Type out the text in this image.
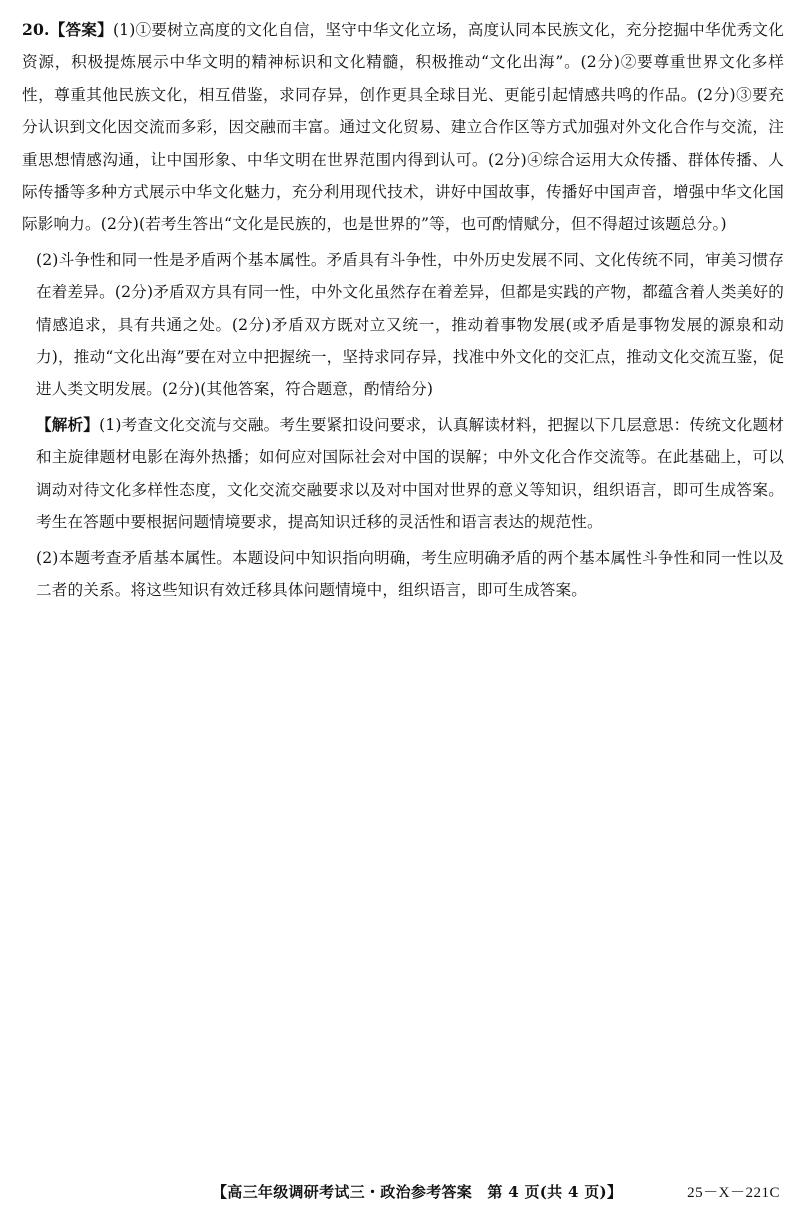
20.【答案】(1)①要树立高度的文化自信，坚守中华文化立场，高度认同本民族文化，充分挖掘中华优秀文化资源，积极提炼展示中华文明的精神标识和文化精髓，积极推动“文化出海”。(2分)②要尊重世界文化多样性，尊重其他民族文化，相互借鉴，求同存异，创作更具全球目光、更能引起情感共鸣的作品。(2分)③要充分认识到文化因交流而多彩，因交融而丰富。通过文化贸易、建立合作区等方式加强对外文化合作与交流，注重思想情感沟通，让中国形象、中华文明在世界范围内得到认可。(2分)④综合运用大众传播、群体传播、人际传播等多种方式展示中华文化魅力，充分利用现代技术，讲好中国故事，传播好中国声音，增强中华文化国际影响力。(2分)(若考生答出“文化是民族的，也是世界的”等，也可酌情赋分，但不得超过该题总分。)

(2)斗争性和同一性是矛盾两个基本属性。矛盾具有斗争性，中外历史发展不同、文化传统不同，审美习惯存在着差异。(2分)矛盾双方具有同一性，中外文化虽然存在着差异，但都是实践的产物，都蕴含着人类美好的情感追求，具有共通之处。(2分)矛盾双方既对立又统一，推动着事物发展(或矛盾是事物发展的源泉和动力)，推动“文化出海”要在对立中把握统一，坚持求同存异，找准中外文化的交汇点，推动文化交流互鉴，促进人类文明发展。(2分)(其他答案，符合题意，酌情给分)

【解析】(1)考查文化交流与交融。考生要紧扣设问要求，认真解读材料，把握以下几层意思：传统文化题材和主旋律题材电影在海外热播；如何应对国际社会对中国的误解；中外文化合作交流等。在此基础上，可以调动对待文化多样性态度，文化交流交融要求以及对中国对世界的意义等知识，组织语言，即可生成答案。考生在答题中要根据问题情境要求，提高知识迁移的灵活性和语言表达的规范性。

(2)本题考查矛盾基本属性。本题设问中知识指向明确，考生应明确矛盾的两个基本属性斗争性和同一性以及二者的关系。将这些知识有效迁移具体问题情境中，组织语言，即可生成答案。

【高三年级调研考试三・政治参考答案　第 4 页(共 4 页)】	25－X－221C
